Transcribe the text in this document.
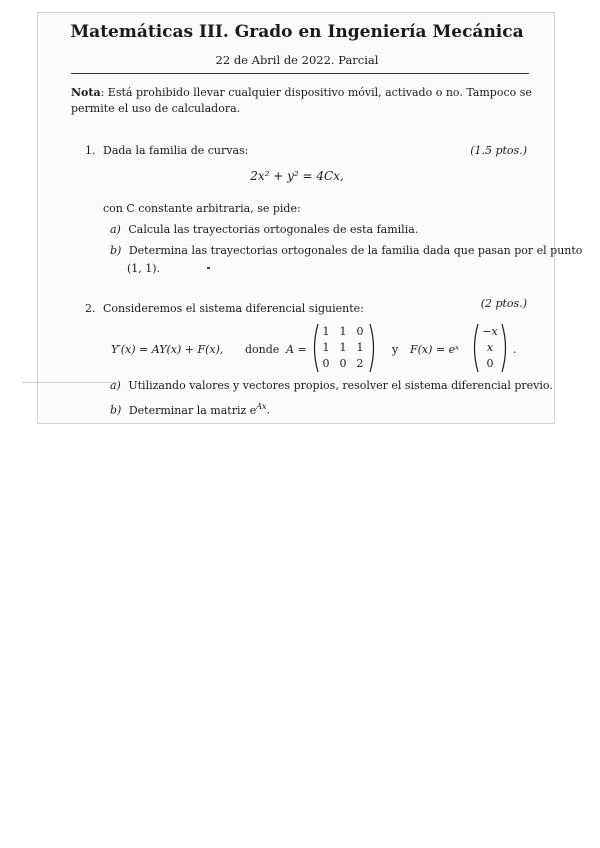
Matemáticas III. Grado en Ingeniería Mecánica
22 de Abril de 2022. Parcial
Nota: Está prohibido llevar cualquier dispositivo móvil, activado o no. Tampoco se permite el uso de calculadora.
1. Dada la familia de curvas:	(1.5 ptos.)
2x² + y² = 4Cx,
con C constante arbitraria, se pide:
a) Calcula las trayectorias ortogonales de esta familia.
b) Determina las trayectorias ortogonales de la familia dada que pasan por el punto
(1, 1).
2. Consideremos el sistema diferencial siguiente:	(2 ptos.)
Y′(x) = AY(x) + F(x), donde A =
1 1 0
1 1 1
0 0 2
y F(x) = eˣ
−x
x
0
.
a) Utilizando valores y vectores propios, resolver el sistema diferencial previo.
b) Determinar la matriz $e^{Ax}$.
